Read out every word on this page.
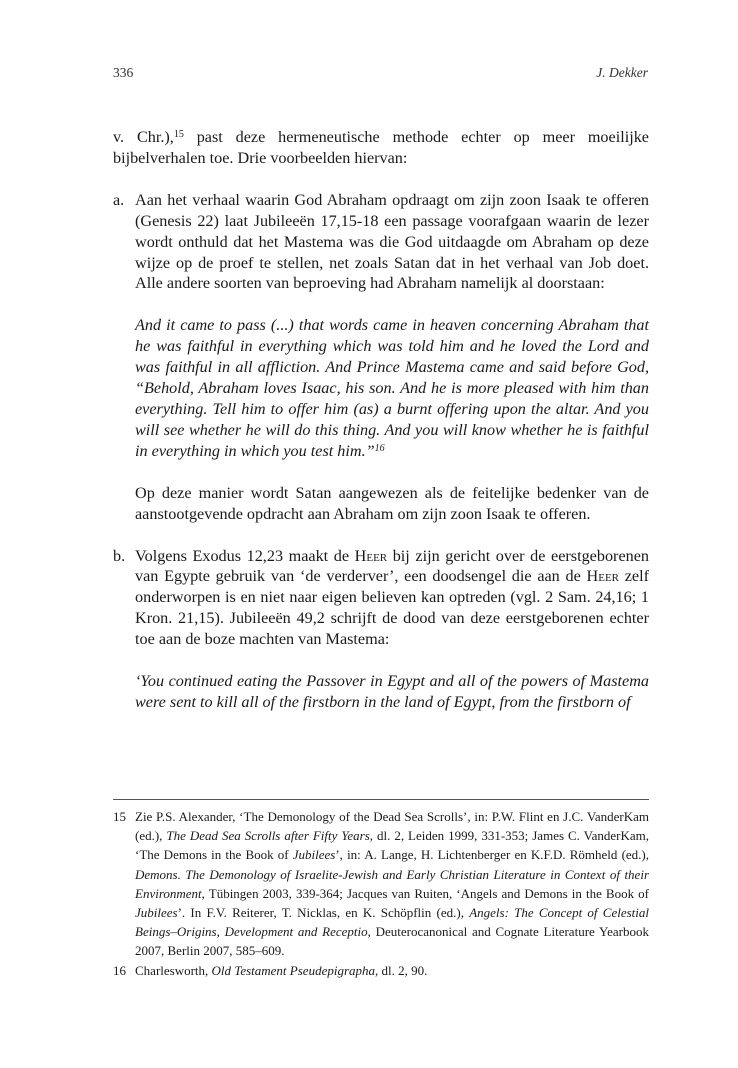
336	J. Dekker

v. Chr.),$^{15}$ past deze hermeneutische methode echter op meer moeilijke bijbelverhalen toe. Drie voorbeelden hiervan:

a. Aan het verhaal waarin God Abraham opdraagt om zijn zoon Isaak te offeren (Genesis 22) laat Jubileeën 17,15-18 een passage voorafgaan waarin de lezer wordt onthuld dat het Mastema was die God uitdaagde om Abraham op deze wijze op de proef te stellen, net zoals Satan dat in het verhaal van Job doet. Alle andere soorten van beproeving had Abraham namelijk al doorstaan:

And it came to pass (...) that words came in heaven concerning Abraham that he was faithful in everything which was told him and he loved the Lord and was faithful in all affliction. And Prince Mastema came and said before God, “Behold, Abraham loves Isaac, his son. And he is more pleased with him than everything. Tell him to offer him (as) a burnt offering upon the altar. And you will see whether he will do this thing. And you will know whether he is faithful in everything in which you test him.”$^{16}$

Op deze manier wordt Satan aangewezen als de feitelijke bedenker van de aanstootgevende opdracht aan Abraham om zijn zoon Isaak te offeren.

b. Volgens Exodus 12,23 maakt de Heer bij zijn gericht over de eerstgeborenen van Egypte gebruik van ‘de verderver’, een doodsengel die aan de Heer zelf onderworpen is en niet naar eigen believen kan optreden (vgl. 2 Sam. 24,16; 1 Kron. 21,15). Jubileeën 49,2 schrijft de dood van deze eerstgeborenen echter toe aan de boze machten van Mastema:

‘You continued eating the Passover in Egypt and all of the powers of Mastema were sent to kill all of the firstborn in the land of Egypt, from the firstborn of

15 Zie P.S. Alexander, ‘The Demonology of the Dead Sea Scrolls’, in: P.W. Flint en J.C. VanderKam (ed.), The Dead Sea Scrolls after Fifty Years, dl. 2, Leiden 1999, 331-353; James C. VanderKam, ‘The Demons in the Book of Jubilees’, in: A. Lange, H. Lichtenberger en K.F.D. Römheld (ed.), Demons. The Demonology of Israelite-Jewish and Early Christian Literature in Context of their Environment, Tübingen 2003, 339-364; Jacques van Ruiten, ‘Angels and Demons in the Book of Jubilees’. In F.V. Reiterer, T. Nicklas, en K. Schöpflin (ed.), Angels: The Concept of Celestial Beings–Origins, Development and Receptio, Deuterocanonical and Cognate Literature Yearbook 2007, Berlin 2007, 585–609.
16 Charlesworth, Old Testament Pseudepigrapha, dl. 2, 90.
